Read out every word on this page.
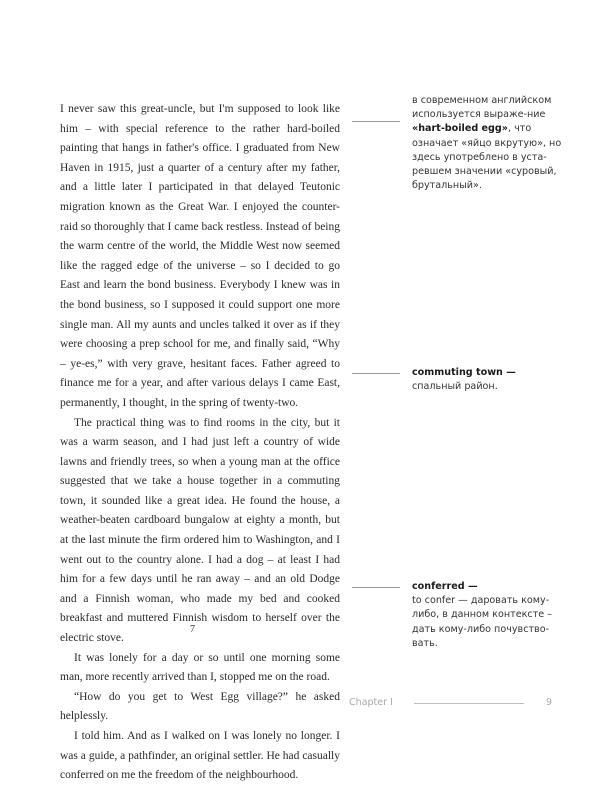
I never saw this great-uncle, but I'm supposed to look like him – with special reference to the rather hard-boiled painting that hangs in father's office. I graduated from New Haven in 1915, just a quarter of a century after my father, and a little later I participated in that delayed Teutonic migration known as the Great War. I enjoyed the counter-raid so thoroughly that I came back restless. Instead of being the warm centre of the world, the Middle West now seemed like the ragged edge of the universe – so I decided to go East and learn the bond business. Everybody I knew was in the bond business, so I supposed it could support one more single man. All my aunts and uncles talked it over as if they were choosing a prep school for me, and finally said, “Why – ye-es,” with very grave, hesitant faces. Father agreed to finance me for a year, and after various delays I came East, permanently, I thought, in the spring of twenty-two.

The practical thing was to find rooms in the city, but it was a warm season, and I had just left a country of wide lawns and friendly trees, so when a young man at the office suggested that we take a house together in a commuting town, it sounded like a great idea. He found the house, a weather-beaten cardboard bungalow at eighty a month, but at the last minute the firm ordered him to Washington, and I went out to the country alone. I had a dog – at least I had him for a few days until he ran away – and an old Dodge and a Finnish woman, who made my bed and cooked breakfast and muttered Finnish wisdom to herself over the electric stove.

It was lonely for a day or so until one morning some man, more recently arrived than I, stopped me on the road.

“How do you get to West Egg village?” he asked helplessly.

I told him. And as I walked on I was lonely no longer. I was a guide, a pathfinder, an original settler. He had casually conferred on me the freedom of the neighbourhood.

7
в современном английском используется выраже-ние «hart-boiled egg», что означает «яйцо вкрутую», но здесь употреблено в уста-ревшем значении «суровый, брутальный».
commuting town —
спальный район.
conferred —
to confer — даровать кому-либо, в данном контексте – дать кому-либо почувство-вать.
Chapter I	9
